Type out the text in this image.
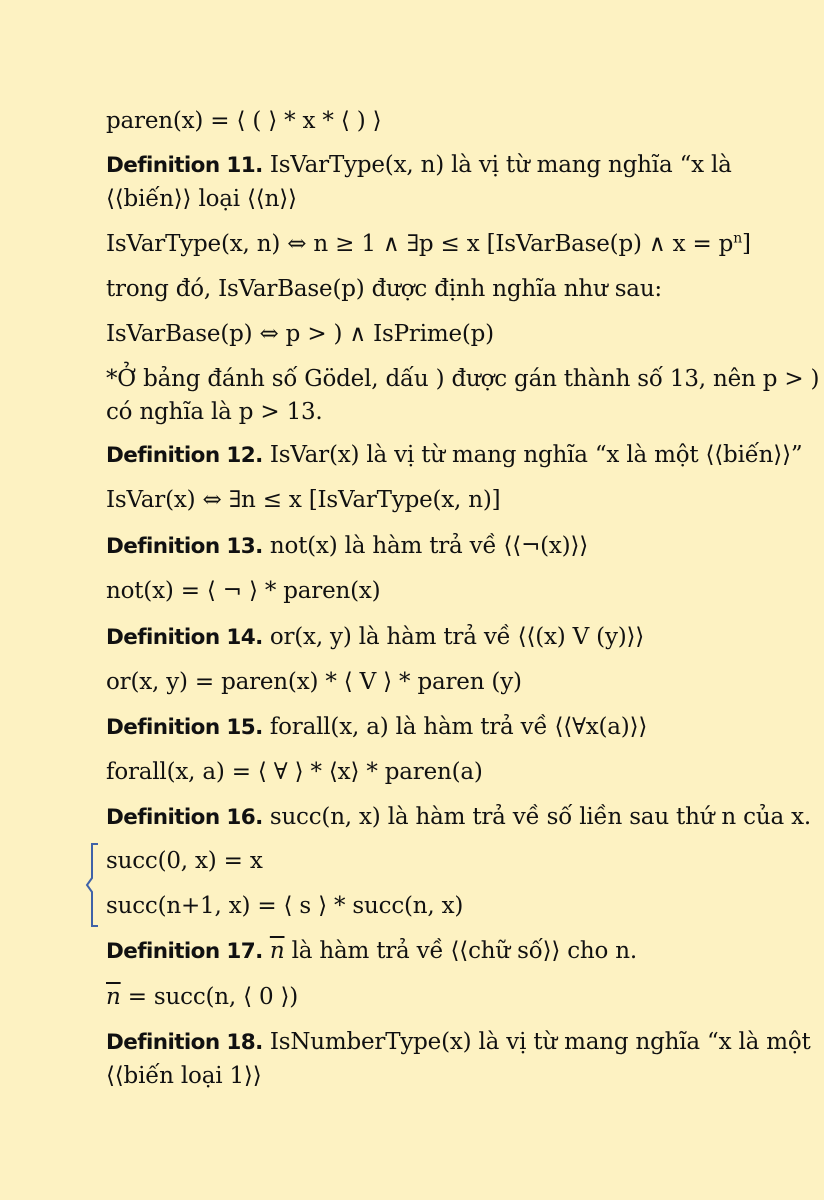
paren(x) = ⟨ ( ⟩ * x * ⟨ ) ⟩

Definition 11. IsVarType(x, n) là vị từ mang nghĩa “x là

⟨⟨biến⟩⟩ loại ⟨⟨n⟩⟩

IsVarType(x, n) ⇔ n ≥ 1 ∧ ∃p ≤ x [IsVarBase(p) ∧ $x = p^n$]

trong đó, IsVarBase(p) được định nghĩa như sau:

IsVarBase(p) ⇔ p > ) ∧ IsPrime(p)

*Ở bảng đánh số Gödel, dấu ) được gán thành số 13, nên p > )

có nghĩa là p > 13.

Definition 12. IsVar(x) là vị từ mang nghĩa “x là một ⟨⟨biến⟩⟩”

IsVar(x) ⇔ ∃n ≤ x [IsVarType(x, n)]

Definition 13. not(x) là hàm trả về ⟨⟨¬(x)⟩⟩

not(x) = ⟨ ¬ ⟩ * paren(x)

Definition 14. or(x, y) là hàm trả về ⟨⟨(x) V (y)⟩⟩

or(x, y) = paren(x) * ⟨ V ⟩ * paren (y)

Definition 15. forall(x, a) là hàm trả về ⟨⟨∀x(a)⟩⟩

forall(x, a) = ⟨ ∀ ⟩ * ⟨x⟩ * paren(a)

Definition 16. succ(n, x) là hàm trả về số liền sau thứ n của x.

succ(0, x) = x

succ(n+1, x) = ⟨ s ⟩ * succ(n, x)

Definition 17. $\overline{n}$ là hàm trả về ⟨⟨chữ số⟩⟩ cho n.

$\overline{n}$ = succ(n, ⟨ 0 ⟩)

Definition 18. IsNumberType(x) là vị từ mang nghĩa “x là một

⟨⟨biến loại 1⟩⟩
